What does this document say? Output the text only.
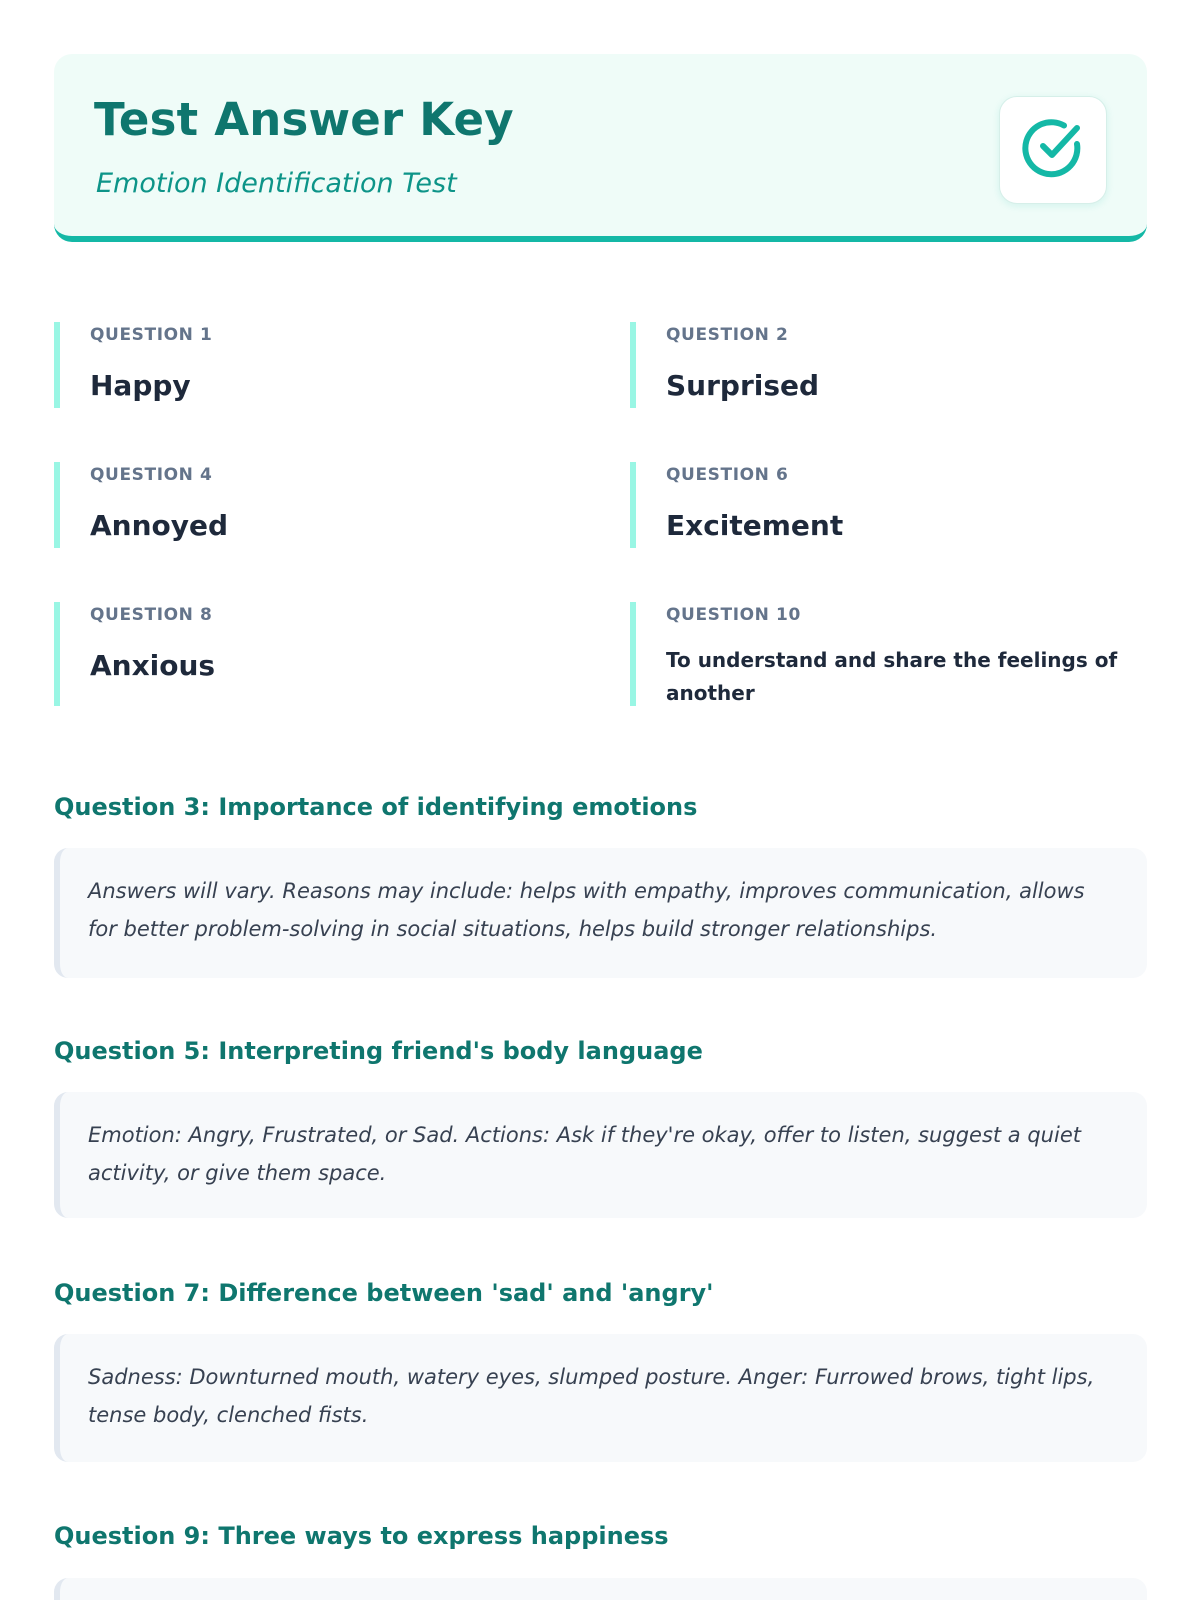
Test Answer Key

Emotion Identification Test

QUESTION 1
Happy
QUESTION 2
Surprised
QUESTION 4
Annoyed
QUESTION 6
Excitement
QUESTION 8
Anxious
QUESTION 10
To understand and share the feelings of another
Question 3: Importance of identifying emotions

Answers will vary. Reasons may include: helps with empathy, improves communication, allows for better problem-solving in social situations, helps build stronger relationships.

Question 5: Interpreting friend's body language

Emotion: Angry, Frustrated, or Sad. Actions: Ask if they're okay, offer to listen, suggest a quiet activity, or give them space.

Question 7: Difference between 'sad' and 'angry'

Sadness: Downturned mouth, watery eyes, slumped posture. Anger: Furrowed brows, tight lips, tense body, clenched fists.

Question 9: Three ways to express happiness
